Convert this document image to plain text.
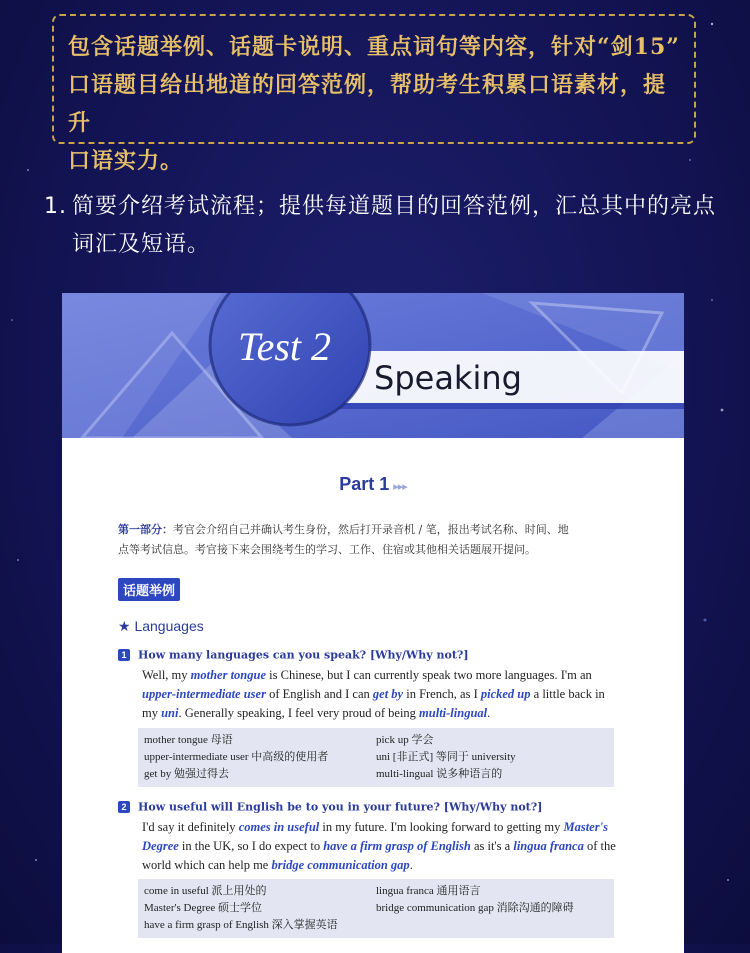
包含话题举例、话题卡说明、重点词句等内容，针对“剑15”
口语题目给出地道的回答范例，帮助考生积累口语素材，提升
口语实力。

1. 简要介绍考试流程；提供每道题目的回答范例，汇总其中的亮点
词汇及短语。
Test 2
Speaking
Part 1 ▸▸▸
第一部分：考官会介绍自己并确认考生身份，然后打开录音机 / 笔，报出考试名称、时间、地
点等考试信息。考官接下来会围绕考生的学习、工作、住宿或其他相关话题展开提问。
话题举例
★ Languages
1 How many languages can you speak? [Why/Why not?]
Well, my mother tongue is Chinese, but I can currently speak two more languages. I'm an upper-intermediate user of English and I can get by in French, as I picked up a little back in my uni. Generally speaking, I feel very proud of being multi-lingual.
mother tongue 母语	pick up 学会
upper-intermediate user 中高级的使用者	uni [非正式] 等同于 university
get by 勉强过得去	multi-lingual 说多种语言的
2 How useful will English be to you in your future? [Why/Why not?]
I'd say it definitely comes in useful in my future. I'm looking forward to getting my Master's Degree in the UK, so I do expect to have a firm grasp of English as it's a lingua franca of the world which can help me bridge communication gap.
come in useful 派上用处的	lingua franca 通用语言
Master's Degree 硕士学位	bridge communication gap 消除沟通的障碍
have a firm grasp of English 深入掌握英语
